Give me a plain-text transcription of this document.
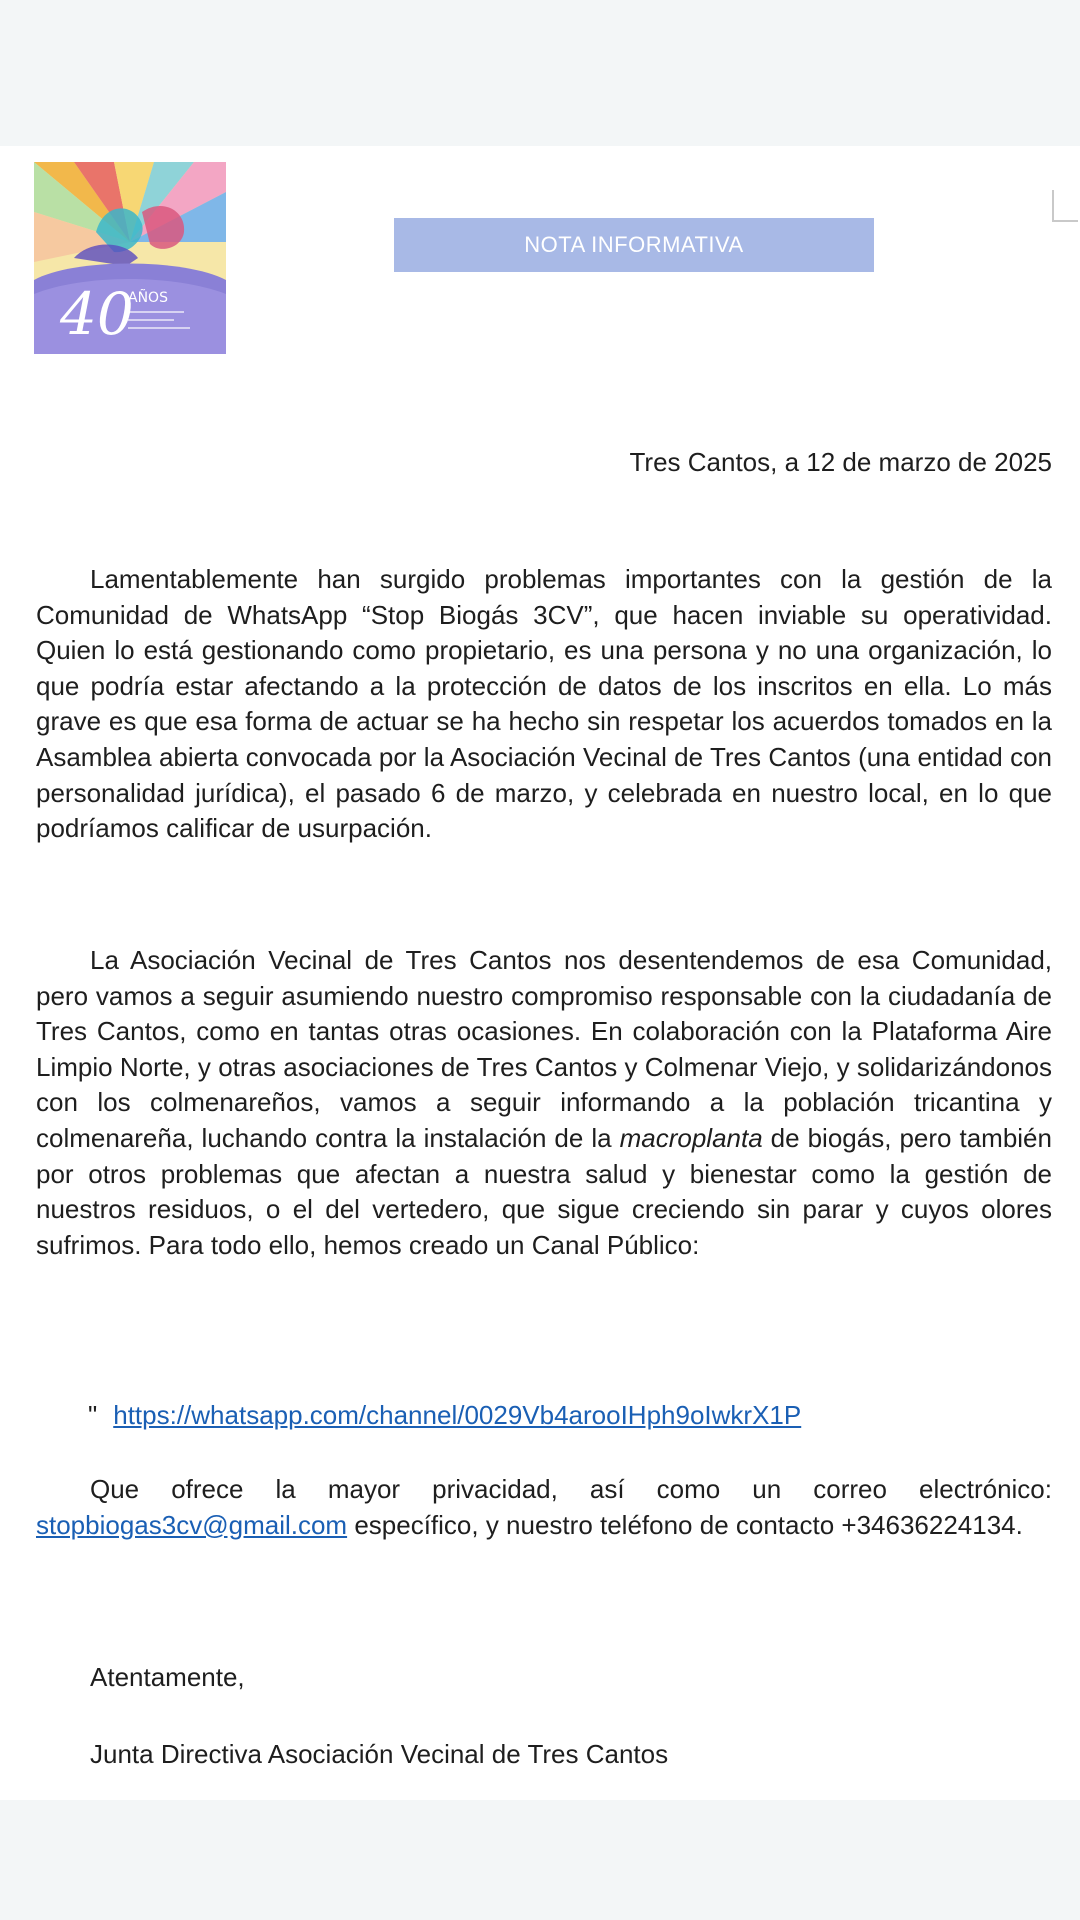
40
AÑOS
NOTA INFORMATIVA
Tres Cantos, a 12 de marzo de 2025

Lamentablemente han surgido problemas importantes con la gestión de la Comunidad de WhatsApp “Stop Biogás 3CV”, que hacen inviable su operatividad. Quien lo está gestionando como propietario, es una persona y no una organización, lo que podría estar afectando a la protección de datos de los inscritos en ella. Lo más grave es que esa forma de actuar se ha hecho sin respetar los acuerdos tomados en la Asamblea abierta convocada por la Asociación Vecinal de Tres Cantos (una entidad con personalidad jurídica), el pasado 6 de marzo, y celebrada en nuestro local, en lo que podríamos calificar de usurpación.

La Asociación Vecinal de Tres Cantos nos desentendemos de esa Comunidad, pero vamos a seguir asumiendo nuestro compromiso responsable con la ciudadanía de Tres Cantos, como en tantas otras ocasiones. En colaboración con la Plataforma Aire Limpio Norte, y otras asociaciones de Tres Cantos y Colmenar Viejo, y solidarizándonos con los colmenareños, vamos a seguir informando a la población tricantina y colmenareña, luchando contra la instalación de la macroplanta de biogás, pero también por otros problemas que afectan a nuestra salud y bienestar como la gestión de nuestros residuos, o el del vertedero, que sigue creciendo sin parar y cuyos olores sufrimos. Para todo ello, hemos creado un Canal Público:

" https://whatsapp.com/channel/0029Vb4arooIHph9oIwkrX1P

Que ofrece la mayor privacidad, así como un correo electrónico: stopbiogas3cv@gmail.com específico, y nuestro teléfono de contacto +34636224134.

Atentamente,
Junta Directiva Asociación Vecinal de Tres Cantos
